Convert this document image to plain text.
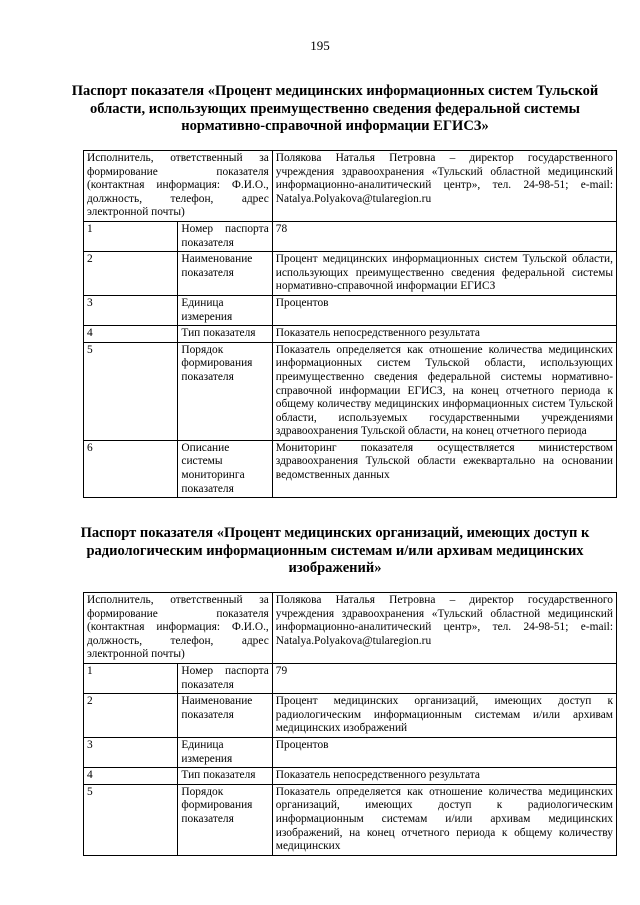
195
Паспорт показателя «Процент медицинских информационных систем Тульской области, использующих преимущественно сведения федеральной системы нормативно-справочной информации ЕГИСЗ»
Исполнитель, ответственный за формирование показателя (контактная информация: Ф.И.О., должность, телефон, адрес электронной почты)		Полякова Наталья Петровна – директор государственного учреждения здравоохранения «Тульский областной медицинский информационно-аналитический центр», тел. 24-98-51; e-mail: Natalya.Polyakova@tularegion.ru
1	Номер паспорта показателя	78
2	Наименование показателя	Процент медицинских информационных систем Тульской области, использующих преимущественно сведения федеральной системы нормативно-справочной информации ЕГИСЗ
3	Единица измерения	Процентов
4	Тип показателя	Показатель непосредственного результата
5	Порядок формирования показателя	Показатель определяется как отношение количества медицинских информационных систем Тульской области, использующих преимущественно сведения федеральной системы нормативно-справочной информации ЕГИСЗ, на конец отчетного периода к общему количеству медицинских информационных систем Тульской области, используемых государственными учреждениями здравоохранения Тульской области, на конец отчетного периода
6	Описание системы мониторинга показателя	Мониторинг показателя осуществляется министерством здравоохранения Тульской области ежеквартально на основании ведомственных данных
Паспорт показателя «Процент медицинских организаций, имеющих доступ к радиологическим информационным системам и/или архивам медицинских изображений»
Исполнитель, ответственный за формирование показателя (контактная информация: Ф.И.О., должность, телефон, адрес электронной почты)		Полякова Наталья Петровна – директор государственного учреждения здравоохранения «Тульский областной медицинский информационно-аналитический центр», тел. 24-98-51; e-mail: Natalya.Polyakova@tularegion.ru
1	Номер паспорта показателя	79
2	Наименование показателя	Процент медицинских организаций, имеющих доступ к радиологическим информационным системам и/или архивам медицинских изображений
3	Единица измерения	Процентов
4	Тип показателя	Показатель непосредственного результата
5	Порядок формирования показателя	Показатель определяется как отношение количества медицинских организаций, имеющих доступ к радиологическим информационным системам и/или архивам медицинских изображений, на конец отчетного периода к общему количеству медицинских
